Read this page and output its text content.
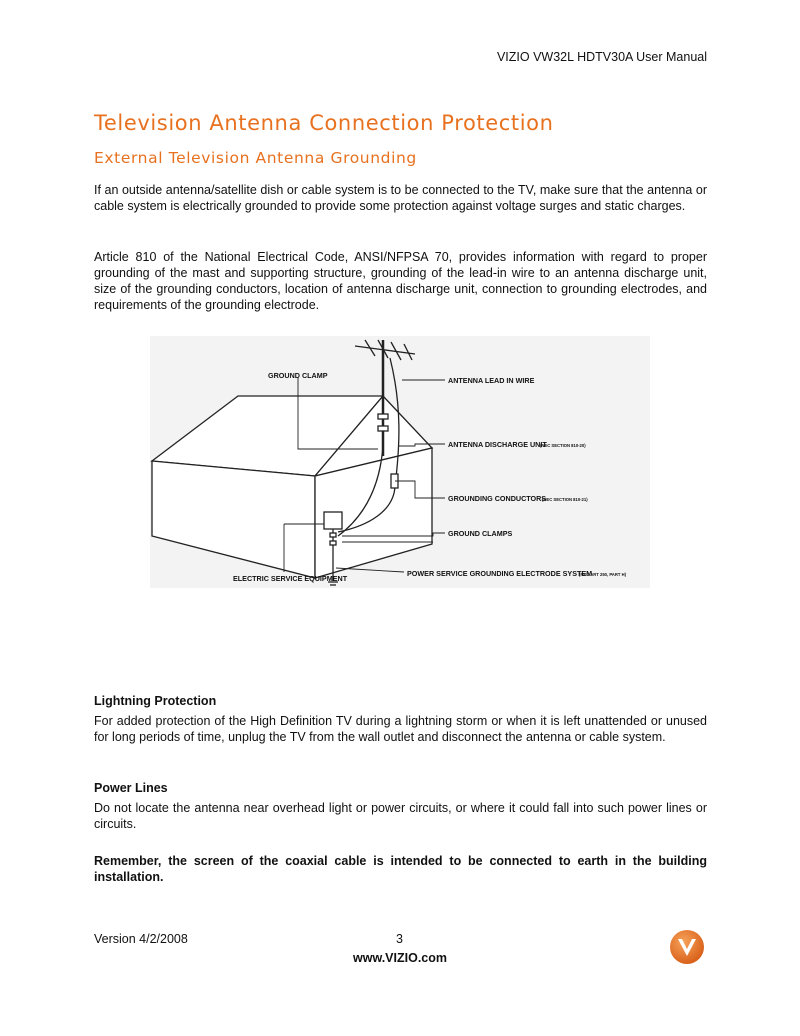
VIZIO VW32L HDTV30A User Manual
Television Antenna Connection Protection
External Television Antenna Grounding

If an outside antenna/satellite dish or cable system is to be connected to the TV, make sure that the antenna or cable system is electrically grounded to provide some protection against voltage surges and static charges.

Article 810 of the National Electrical Code, ANSI/NFPSA 70, provides information with regard to proper grounding of the mast and supporting structure, grounding of the lead-in wire to an antenna discharge unit, size of the grounding conductors, location of antenna discharge unit, connection to grounding electrodes, and requirements of the grounding electrode.

GROUND CLAMP
ANTENNA LEAD IN WIRE
ANTENNA DISCHARGE UNIT
(NEC SECTION 810-20)
GROUNDING CONDUCTORS
(NEC SECTION 810-21)
GROUND CLAMPS
ELECTRIC SERVICE EQUIPMENT
POWER SERVICE GROUNDING ELECTRODE SYSTEM
(NEC ART 250, PART H)

Lightning Protection

For added protection of the High Definition TV during a lightning storm or when it is left unattended or unused for long periods of time, unplug the TV from the wall outlet and disconnect the antenna or cable system.

Power Lines

Do not locate the antenna near overhead light or power circuits, or where it could fall into such power lines or circuits.

Remember, the screen of the coaxial cable is intended to be connected to earth in the building installation.

Version 4/2/2008	3
www.VIZIO.com
